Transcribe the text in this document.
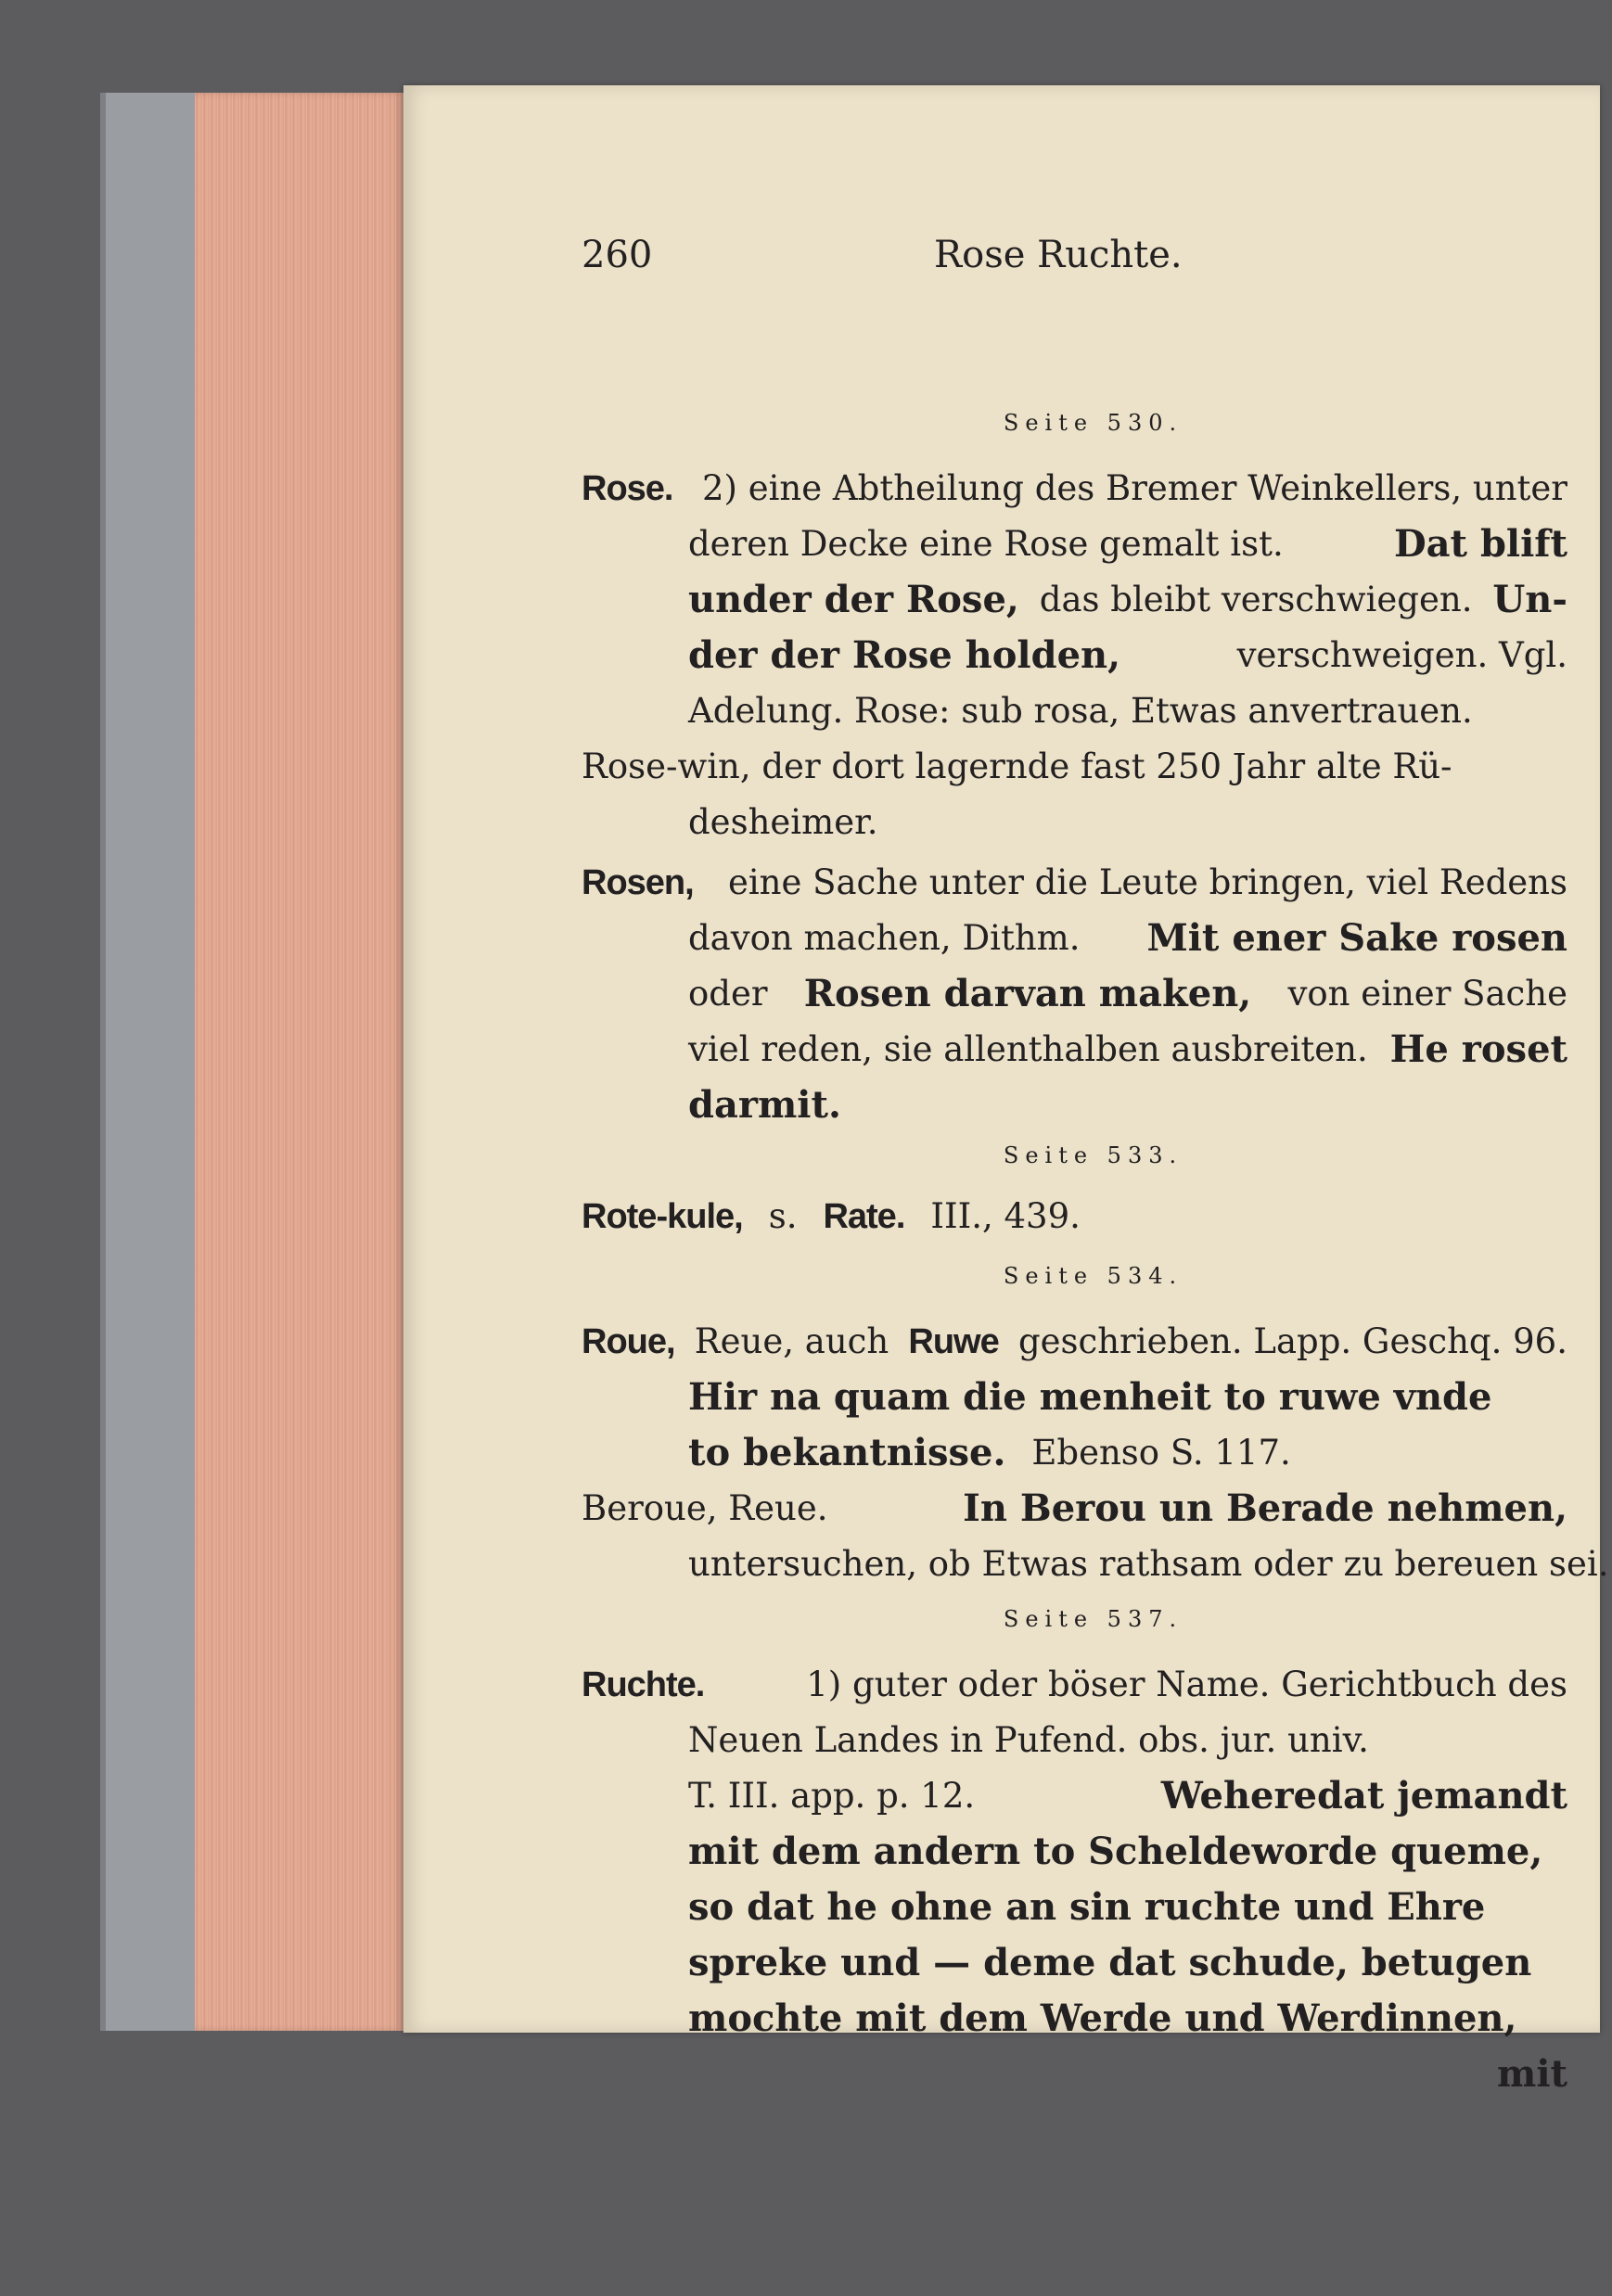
260	Rose Ruchte.
Seite 530.
Rose. 2) eine Abtheilung des Bremer Weinkellers, unter
deren Decke eine Rose gemalt ist.	Dat blift
under der Rose, das bleibt verschwiegen. Un-
der der Rose holden,	verschweigen. Vgl.
Adelung. Rose: sub rosa, Etwas anvertrauen.
Rose-win, der dort lagernde fast 250 Jahr alte Rü-
desheimer.
Rosen, eine Sache unter die Leute bringen, viel Redens
davon machen, Dithm. Mit ener Sake rosen
oder Rosen darvan maken, von einer Sache
viel reden, sie allenthalben ausbreiten. He roset
darmit.
Seite 533.
Rote-kule, s. Rate. III., 439.
Seite 534.
Roue, Reue, auch Ruwe geschrieben. Lapp. Geschq. 96.
Hir na quam die menheit to ruwe vnde
to bekantnisse. Ebenso S. 117.
Beroue, Reue.	In Berou un Berade nehmen,
untersuchen, ob Etwas rathsam oder zu bereuen sei.
Seite 537.
Ruchte.	1) guter oder böser Name. Gerichtbuch des
Neuen Landes in Pufend. obs. jur. univ.
T. III. app. p. 12.	Weheredat jemandt
mit dem andern to Scheldeworde queme,
so dat he ohne an sin ruchte und Ehre
spreke und — deme dat schude, betugen
mochte mit dem Werde und Werdinnen,
mit
